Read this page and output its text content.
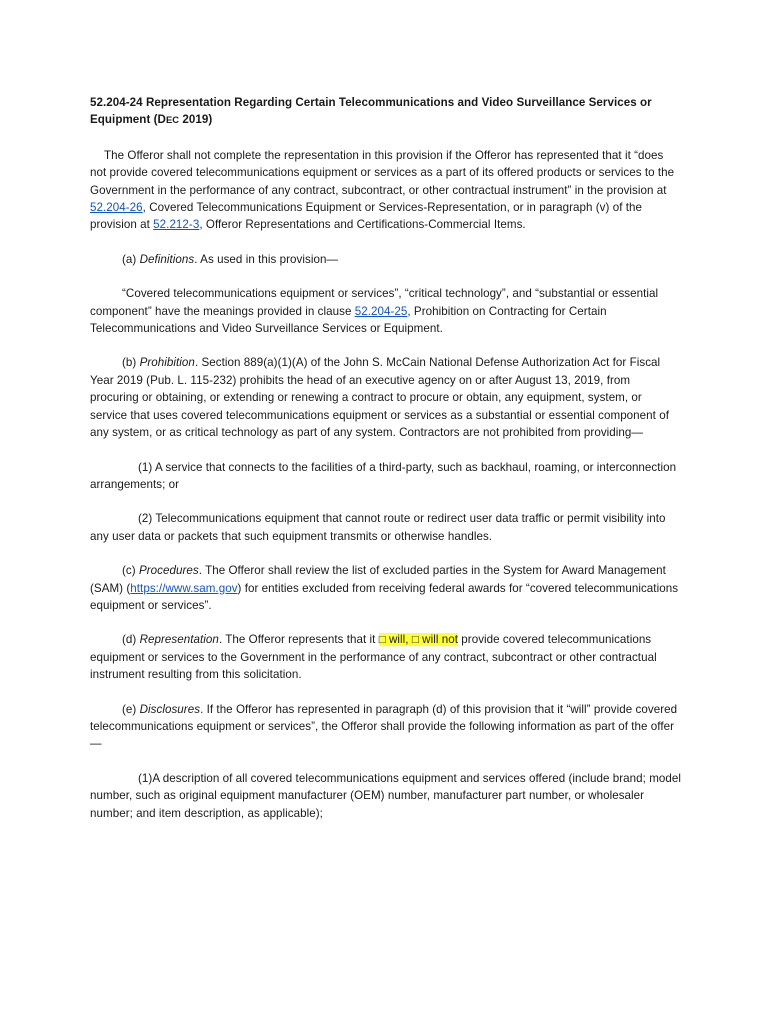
52.204-24 Representation Regarding Certain Telecommunications and Video Surveillance Services or Equipment (DEC 2019)

The Offeror shall not complete the representation in this provision if the Offeror has represented that it “does not provide covered telecommunications equipment or services as a part of its offered products or services to the Government in the performance of any contract, subcontract, or other contractual instrument” in the provision at 52.204-26, Covered Telecommunications Equipment or Services-Representation, or in paragraph (v) of the provision at 52.212-3, Offeror Representations and Certifications-Commercial Items.

(a) Definitions. As used in this provision—

“Covered telecommunications equipment or services”, “critical technology”, and “substantial or essential component” have the meanings provided in clause 52.204-25, Prohibition on Contracting for Certain Telecommunications and Video Surveillance Services or Equipment.

(b) Prohibition. Section 889(a)(1)(A) of the John S. McCain National Defense Authorization Act for Fiscal Year 2019 (Pub. L. 115-232) prohibits the head of an executive agency on or after August 13, 2019, from procuring or obtaining, or extending or renewing a contract to procure or obtain, any equipment, system, or service that uses covered telecommunications equipment or services as a substantial or essential component of any system, or as critical technology as part of any system. Contractors are not prohibited from providing—

(1) A service that connects to the facilities of a third-party, such as backhaul, roaming, or interconnection arrangements; or

(2) Telecommunications equipment that cannot route or redirect user data traffic or permit visibility into any user data or packets that such equipment transmits or otherwise handles.

(c) Procedures. The Offeror shall review the list of excluded parties in the System for Award Management (SAM) (https://www.sam.gov) for entities excluded from receiving federal awards for “covered telecommunications equipment or services”.

(d) Representation. The Offeror represents that it □ will, □ will not provide covered telecommunications equipment or services to the Government in the performance of any contract, subcontract or other contractual instrument resulting from this solicitation.

(e) Disclosures. If the Offeror has represented in paragraph (d) of this provision that it “will” provide covered telecommunications equipment or services”, the Offeror shall provide the following information as part of the offer—

(1)A description of all covered telecommunications equipment and services offered (include brand; model number, such as original equipment manufacturer (OEM) number, manufacturer part number, or wholesaler number; and item description, as applicable);
